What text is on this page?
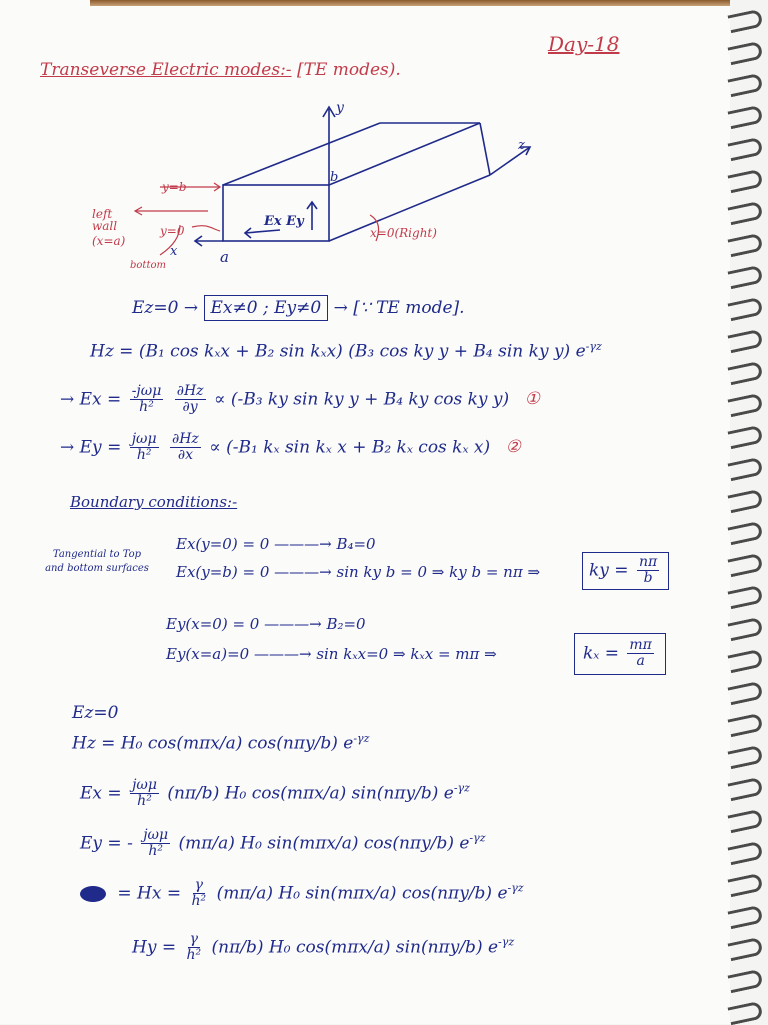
Day-18
Transeverse Electric modes:- [TE modes).
y
z
b
a
x
Ex Ey
y=b
y=0
left wall
(x=a)
bottom
x=0(Right)
Ez=0 → Ex≠0 ; Ey≠0 → [∵ TE mode].
Hz = (B₁ cos kₓx + B₂ sin kₓx) (B₃ cos ky y + B₄ sin ky y) $e^{-\gamma z}$
→ $Ex = \frac{\text{-jωμ}}{\text{h²}}$
$\frac{\partial Hz}{\partial y} \propto (-B_3$ ky sin ky y + B₄ ky cos ky y) ①
→ $Ey = \frac{\text{jωμ}}{\text{h²}}$
$\frac{\partial Hz}{\partial x} \propto (-B_1$ kₓ sin kₓ x + B₂ kₓ cos kₓ x) ②
Boundary conditions:-
Tangential to Top and bottom surfaces
Ex(y=0) = 0 ———→ B₄=0
Ex(y=b) = 0 ———→ sin ky b = 0 ⇒ ky b = nπ ⇒	ky = $\frac{n\pi}{b}$
Ey(x=0) = 0 ———→ B₂=0
Ey(x=a)=0 ———→ sin kₓx=0 ⇒ kₓx = mπ ⇒	$k_x = \frac{m\pi}{a}$
Ez=0
Hz = H₀ cos(mπx/a) cos(nπy/b) $e^{-\gamma z}$
$Ex = \frac{\text{jωμ}}{\text{h²}} (n\pi/b)$ H₀ cos(mπx/a) sin(nπy/b) $e^{-\gamma z}$
Ey = - $\frac{\text{jωμ}}{\text{h²}} (m\pi/a)$ H₀ sin(mπx/a) cos(nπy/b) $e^{-\gamma z}$
= $Hx = \frac{\gamma}{\text{h²}} (m\pi/a)$ H₀ sin(mπx/a) cos(nπy/b) $e^{-\gamma z}$
$Hy = \frac{\gamma}{\text{h²}} (n\pi/b)$ H₀ cos(mπx/a) sin(nπy/b) $e^{-\gamma z}$
